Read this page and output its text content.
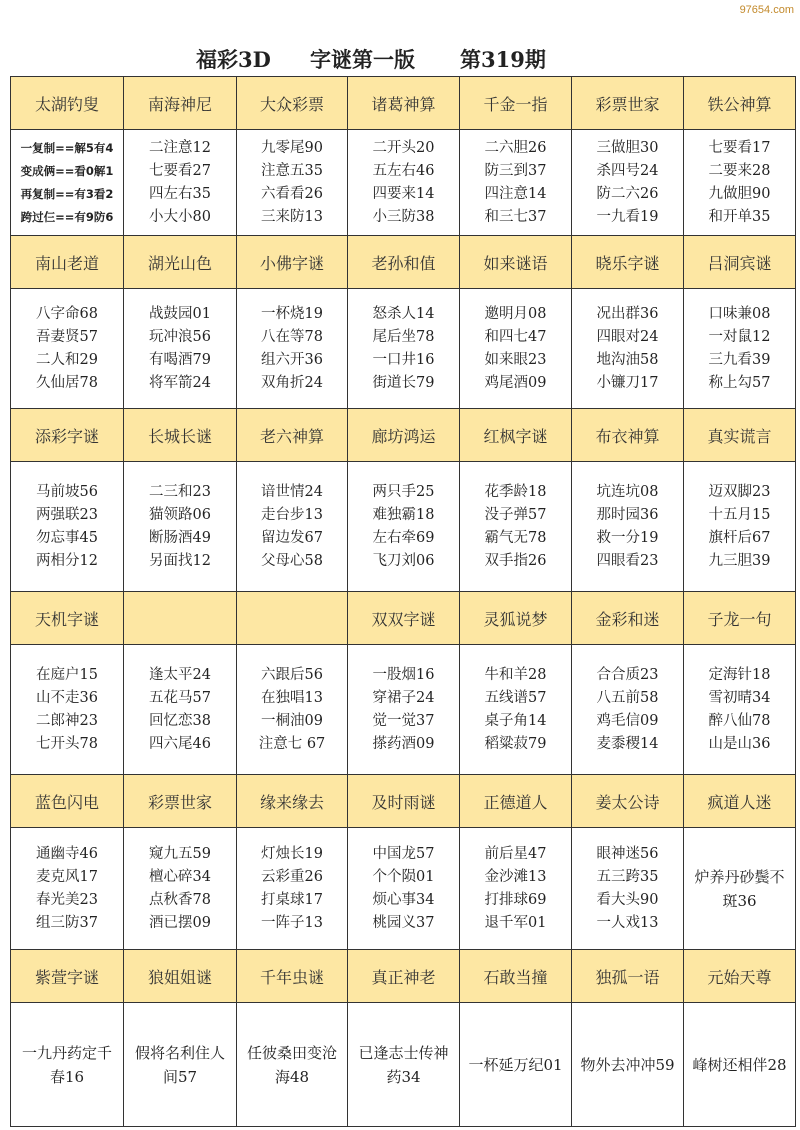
97654.com
福彩3D 字谜第一版 第319期
太湖钓叟	南海神尼	大众彩票	诸葛神算	千金一指	彩票世家	铁公神算

一复制==解5有4
变成俩==看0解1
再复制==有3看2
跨过仨==有9防6	二注意12
七要看27
四左右35
小大小80	九零尾90
注意五35
六看看26
三来防13	二开头20
五左右46
四要来14
小三防38	二六胆26
防三到37
四注意14
和三七37	三做胆30
杀四号24
防二六26
一九看19	七要看17
二要来28
九做胆90
和开单35

南山老道	湖光山色	小佛字谜	老孙和值	如来谜语	晓乐字谜	吕洞宾谜

八字命68
吾妻贤57
二人和29
久仙居78	战鼓园01
玩冲浪56
有喝酒79
将军箭24	一杯烧19
八在等78
组六开36
双角折24	怒杀人14
尾后坐78
一口井16
街道长79	邀明月08
和四七47
如来眼23
鸡尾酒09	况出群36
四眼对24
地沟油58
小镰刀17	口味兼08
一对鼠12
三九看39
称上勾57

添彩字谜	长城长谜	老六神算	廊坊鸿运	红枫字谜	布衣神算	真实谎言

马前坡56
两强联23
勿忘事45
两相分12	二三和23
猫领路06
断肠酒49
另面找12	谙世情24
走台步13
留边发67
父母心58	两只手25
难独霸18
左右牵69
飞刀刘06	花季龄18
没子弹57
霸气无78
双手指26	坑连坑08
那时园36
救一分19
四眼看23	迈双脚23
十五月15
旗杆后67
九三胆39

天机字谜			双双字谜	灵狐说梦	金彩和迷	子龙一句

在庭户15
山不走36
二郎神23
七开头78	逢太平24
五花马57
回忆恋38
四六尾46	六跟后56
在独唱13
一桐油09
注意七 67	一股烟16
穿裙子24
觉一觉37
搽药酒09	牛和羊28
五线谱57
桌子角14
稻粱菽79	合合质23
八五前58
鸡毛信09
麦黍稷14	定海针18
雪初晴34
醉八仙78
山是山36

蓝色闪电	彩票世家	缘来缘去	及时雨谜	正德道人	姜太公诗	疯道人迷

通幽寺46
麦克风17
春光美23
组三防37	窥九五59
檀心碎34
点秋香78
酒已摆09	灯烛长19
云彩重26
打桌球17
一阵子13	中国龙57
个个陨01
烦心事34
桃园义37	前后星47
金沙滩13
打排球69
退千军01	眼神迷56
五三跨35
看大头90
一人戏13	炉养丹砂鬓不斑36

紫萱字谜	狼姐姐谜	千年虫谜	真正神老	石敢当撞	独孤一语	元始天尊

一九丹药定千春16	假将名利住人间57	任彼桑田变沧海48	已逢志士传神药34	一杯延万纪01	物外去冲冲59	峰树还相伴28
